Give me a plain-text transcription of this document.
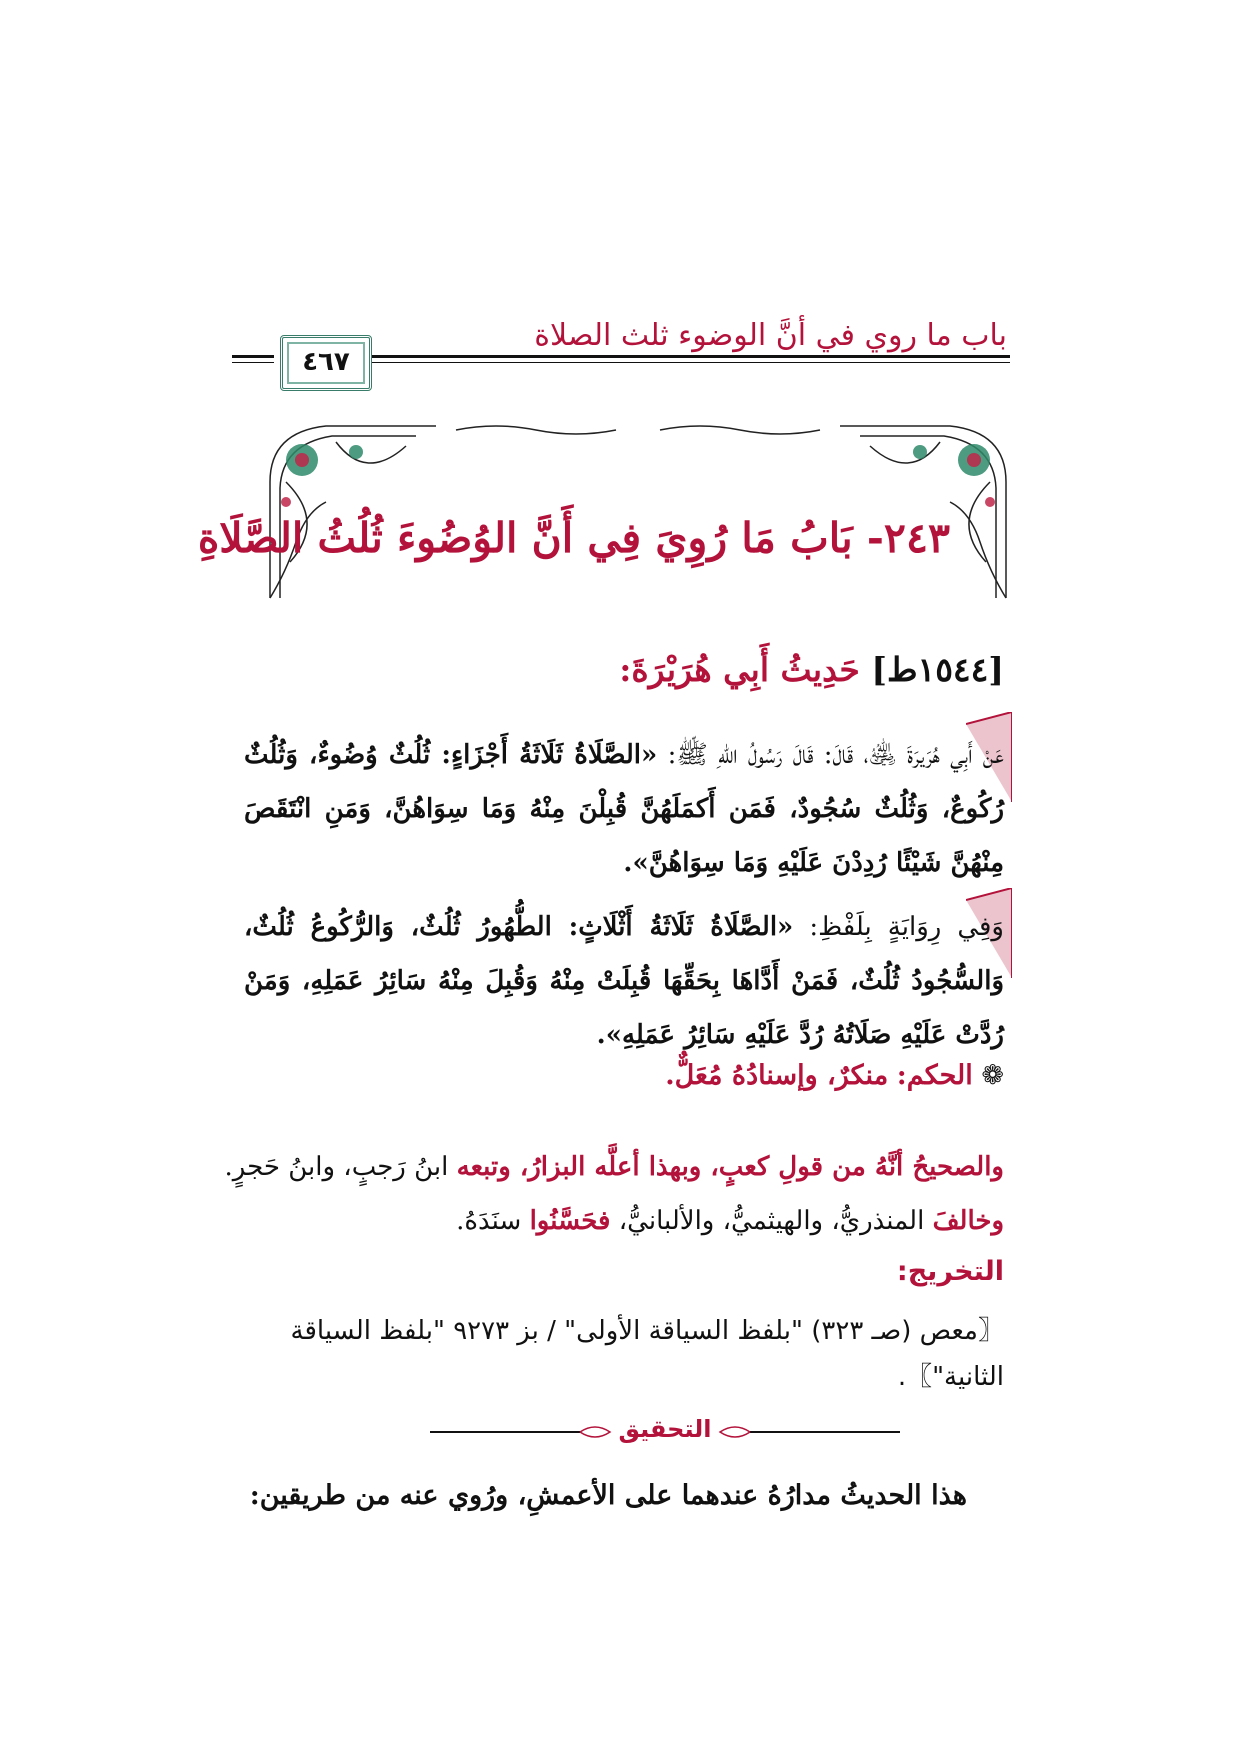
باب ما روي في أنَّ الوضوء ثلث الصلاة
٤٦٧
٢٤٣- بَابُ مَا رُوِيَ فِي أَنَّ الوُضُوءَ ثُلُثُ الصَّلَاةِ
[١٥٤٤ط] حَدِيثُ أَبِي هُرَيْرَةَ:
عَنْ أَبِي هُرَيرَةَ ﵁، قَالَ: قَالَ رَسُولُ اللهِ ﷺ: «الصَّلَاةُ ثَلَاثَةُ أَجْزَاءٍ: ثُلُثٌ وُضُوءٌ، وَثُلُثٌ رُكُوعٌ، وَثُلُثٌ سُجُودٌ، فَمَن أَكمَلَهُنَّ قُبِلْنَ مِنْهُ وَمَا سِوَاهُنَّ، وَمَنِ انْتَقَصَ مِنْهُنَّ شَيْئًا رُدِدْنَ عَلَيْهِ وَمَا سِوَاهُنَّ».
وَفِي رِوَايَةٍ بِلَفْظِ: «الصَّلَاةُ ثَلَاثَةُ أَثْلَاثٍ: الطُّهُورُ ثُلُثٌ، وَالرُّكُوعُ ثُلُثٌ، وَالسُّجُودُ ثُلُثٌ، فَمَنْ أَدَّاهَا بِحَقِّهَا قُبِلَتْ مِنْهُ وَقُبِلَ مِنْهُ سَائِرُ عَمَلِهِ، وَمَنْ رُدَّتْ عَلَيْهِ صَلَاتُهُ رُدَّ عَلَيْهِ سَائِرُ عَمَلِهِ».
❁ الحكم: منكرٌ، وإسنادُهُ مُعَلٌّ.
والصحيحُ أنَّهُ من قولِ كعبٍ، وبهذا أعلَّه البزارُ، وتبعه ابنُ رَجبٍ، وابنُ حَجرٍ.
وخالفَ المنذريُّ، والهيثميُّ، والألبانيُّ، فحَسَّنُوا سنَدَهُ.
التخريج:
〖معص (صـ ٣٢٣) "بلفظ السياقة الأولى" / بز ٩٢٧٣ "بلفظ السياقة الثانية"〗.
التحقيق
هذا الحديثُ مدارُهُ عندهما على الأعمشِ، ورُوي عنه من طريقين:
